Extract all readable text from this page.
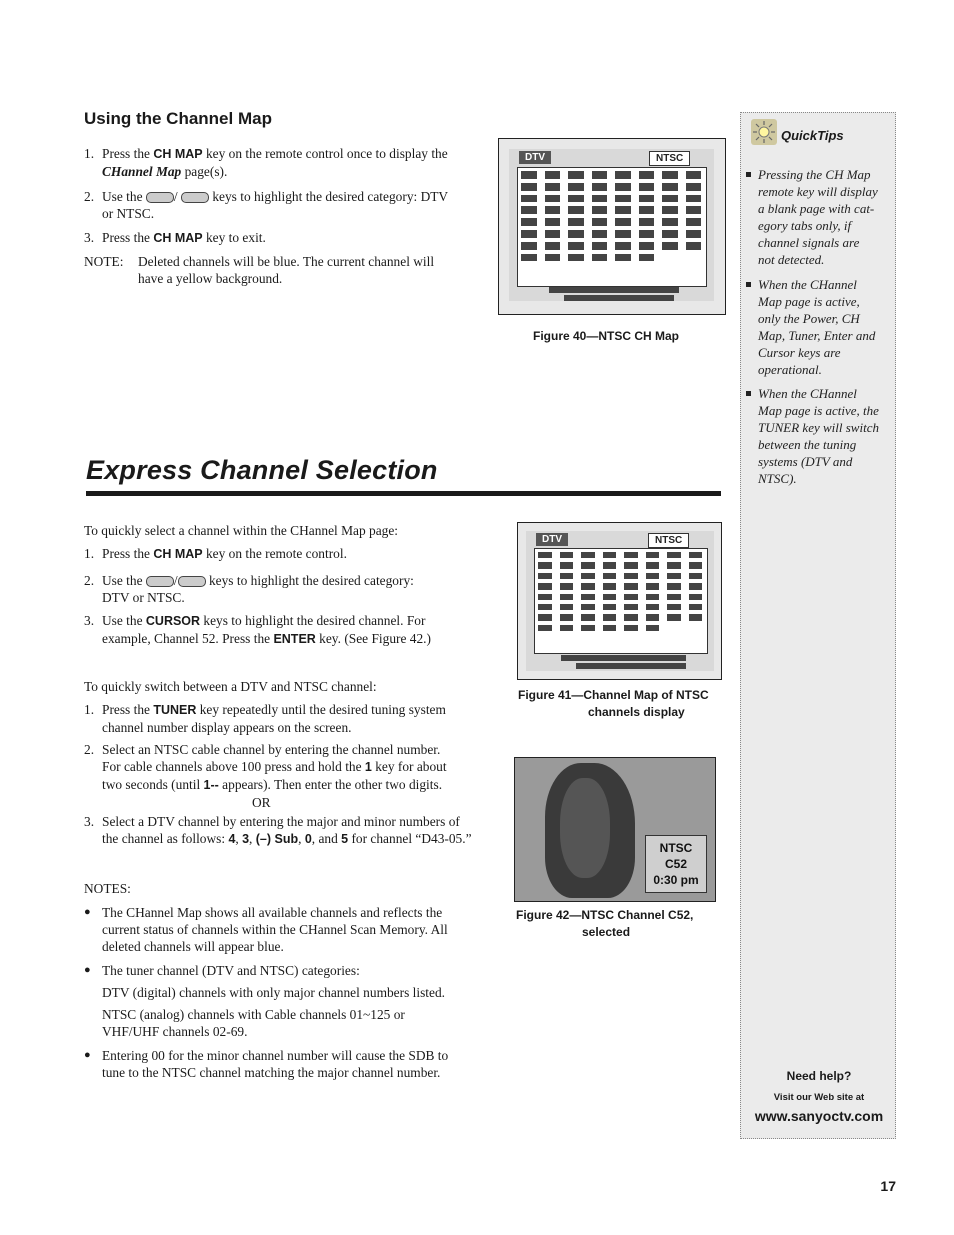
Using the Channel Map
1. Press the CH MAP key on the remote control once to display the
CHannel Map page(s).
2. Use the /  keys to highlight the desired category: DTV
or NTSC.
3. Press the CH MAP key to exit.
NOTE: Deleted channels will be blue. The current channel will
have a yellow background.
DTV	NTSC
Figure 40—NTSC CH Map
Express Channel Selection
To quickly select a channel within the CHannel Map page:
1. Press the CH MAP key on the remote control.
2. Use the / keys to highlight the desired category:
DTV or NTSC.
3. Use the CURSOR keys to highlight the desired channel. For
example, Channel 52. Press the ENTER key. (See Figure 42.)
To quickly switch between a DTV and NTSC channel:
1. Press the TUNER key repeatedly until the desired tuning system
channel number display appears on the screen.
2. Select an NTSC cable channel by entering the channel number.
For cable channels above 100 press and hold the 1 key for about
two seconds (until 1-- appears). Then enter the other two digits.
OR
3. Select a DTV channel by entering the major and minor numbers of
the channel as follows: 4, 3, (–) Sub, 0, and 5 for channel “D43-05.”
NOTES:
● The CHannel Map shows all available channels and reflects the
current status of channels within the CHannel Scan Memory. All
deleted channels will appear blue.
● The tuner channel (DTV and NTSC) categories:

DTV (digital) channels with only major channel numbers listed.
NTSC (analog) channels with Cable channels 01~125 or
VHF/UHF channels 02-69.
● Entering 00 for the minor channel number will cause the SDB to
tune to the NTSC channel matching the major channel number.
DTV	NTSC
Figure 41—Channel Map of NTSC
channels display
NTSC
C52
0:30 pm
Figure 42—NTSC Channel C52,
selected
QuickTips
Pressing the CH Map
remote key will display
a blank page with cat-
egory tabs only, if
channel signals are
not detected.
When the CHannel
Map page is active,
only the Power, CH
Map, Tuner, Enter and
Cursor keys are
operational.
When the CHannel
Map page is active, the
TUNER key will switch
between the tuning
systems (DTV and
NTSC).
Need help?
Visit our Web site at
www.sanyoctv.com
17
